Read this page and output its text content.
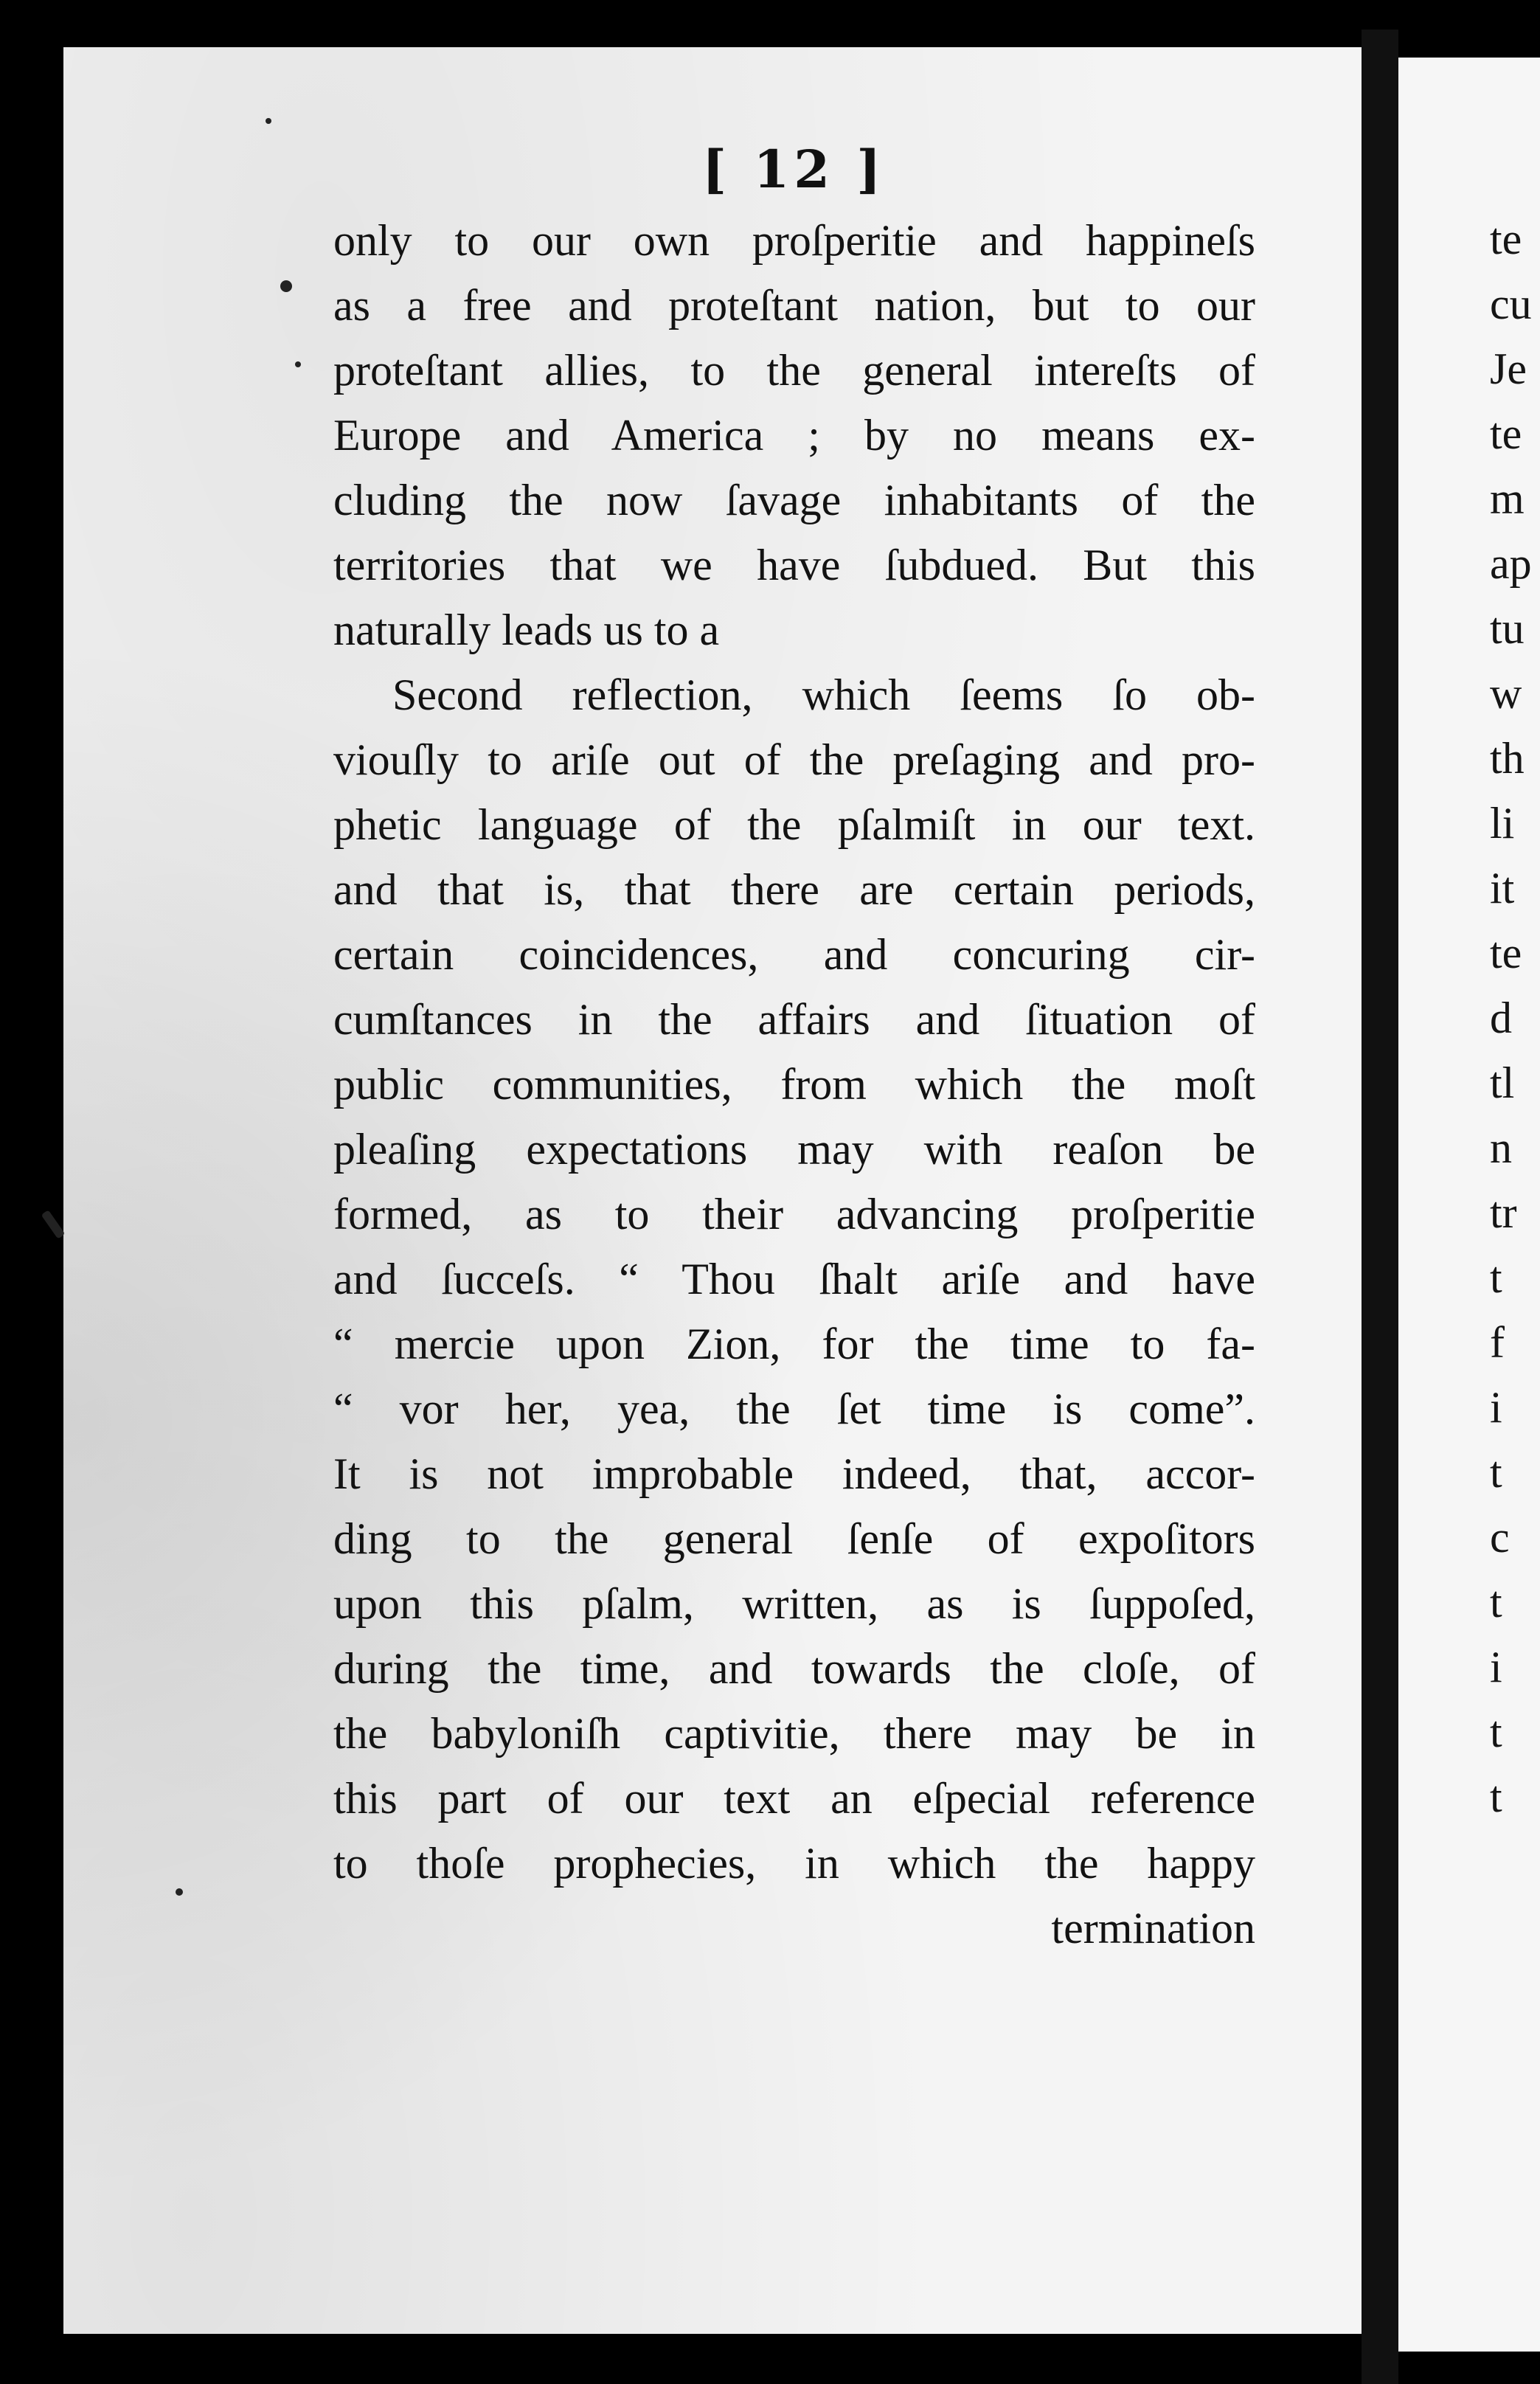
[ 12 ]
only to our own proſperitie and happineſs
as a free and proteſtant nation, but to our
proteſtant allies, to the general intereſts of
Europe and America ; by no means ex-
cluding the now ſavage inhabitants of the
territories that we have ſubdued. But this
naturally leads us to a
Second reflection, which ſeems ſo ob-
viouſly to ariſe out of the preſaging and pro-
phetic language of the pſalmiſt in our text.
and that is, that there are certain periods,
certain coincidences, and concuring cir-
cumſtances in the affairs and ſituation of
public communities, from which the moſt
pleaſing expectations may with reaſon be
formed, as to their advancing proſperitie
and ſucceſs. “ Thou ſhalt ariſe and have
“ mercie upon Zion, for the time to fa-
“ vor her, yea, the ſet time is come”.
It is not improbable indeed, that, accor-
ding to the general ſenſe of expoſitors
upon this pſalm, written, as is ſuppoſed,
during the time, and towards the cloſe, of
the babyloniſh captivitie, there may be in
this part of our text an eſpecial reference
to thoſe prophecies, in which the happy
termination
te
cu
Je
te
m
ap
tu
w
th
li
it
te
d
tl
n
tr
t
f
i
t
c
t
i
t
t
